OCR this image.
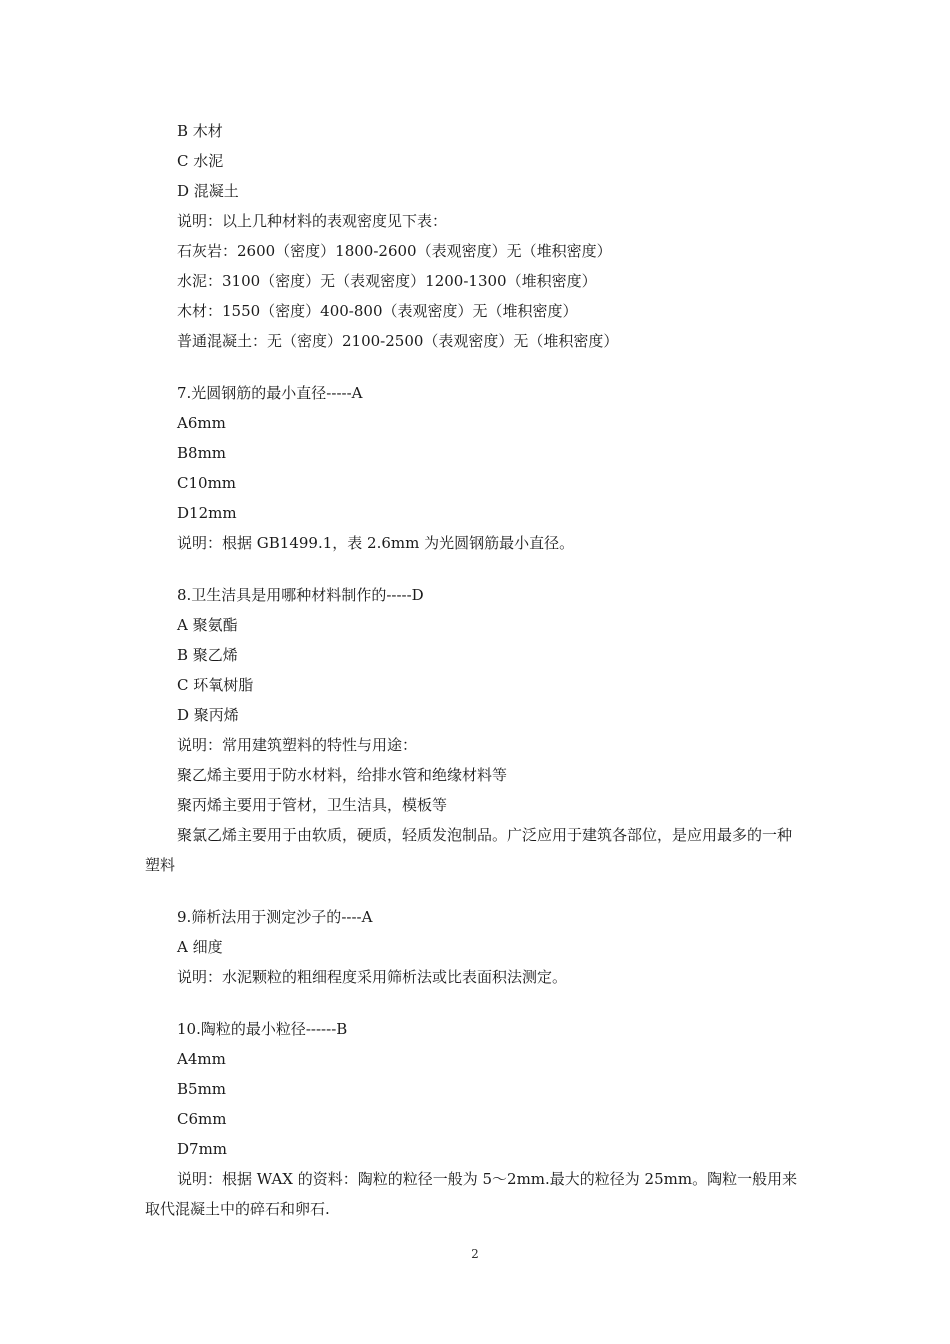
B 木材
C 水泥
D 混凝土
说明：以上几种材料的表观密度见下表：
石灰岩：2600（密度）1800-2600（表观密度）无（堆积密度）
水泥：3100（密度）无（表观密度）1200-1300（堆积密度）
木材：1550（密度）400-800（表观密度）无（堆积密度）
普通混凝土：无（密度）2100-2500（表观密度）无（堆积密度）
7.光圆钢筋的最小直径-----A
A6mm
B8mm
C10mm
D12mm
说明：根据 GB1499.1，表 2.6mm 为光圆钢筋最小直径。
8.卫生洁具是用哪种材料制作的-----D
A 聚氨酯
B 聚乙烯
C 环氧树脂
D 聚丙烯
说明：常用建筑塑料的特性与用途：
聚乙烯主要用于防水材料，给排水管和绝缘材料等
聚丙烯主要用于管材，卫生洁具，模板等
聚氯乙烯主要用于由软质，硬质，轻质发泡制品。广泛应用于建筑各部位，是应用最多的一种塑料
9.筛析法用于测定沙子的----A
A 细度
说明：水泥颗粒的粗细程度采用筛析法或比表面积法测定。
10.陶粒的最小粒径------B
A4mm
B5mm
C6mm
D7mm
说明：根据 WAX 的资料：陶粒的粒径一般为 5～2mm.最大的粒径为 25mm。陶粒一般用来取代混凝土中的碎石和卵石.
2
